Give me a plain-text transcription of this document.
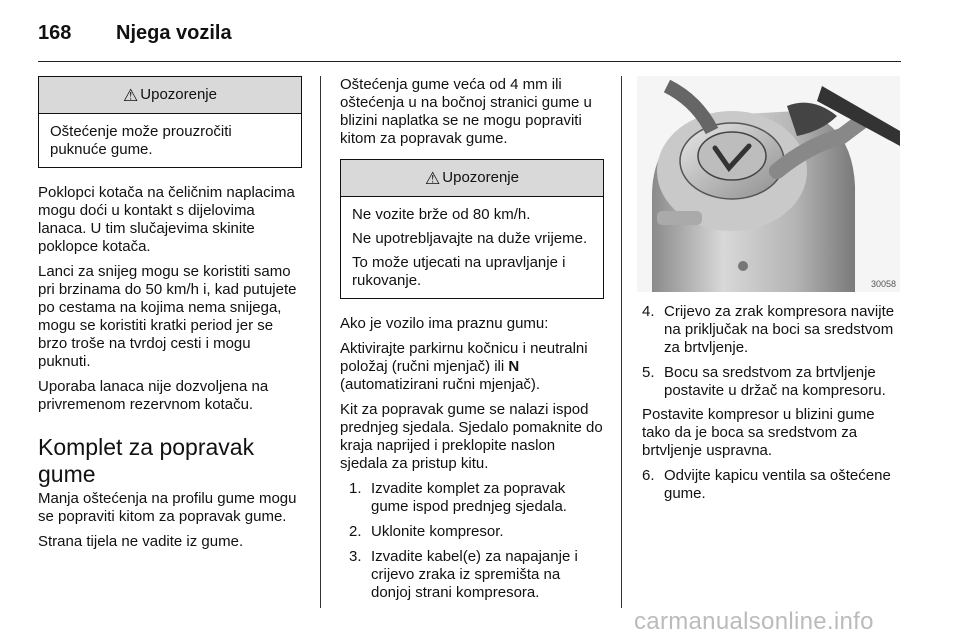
168	Njega vozila
⚠ Upozorenje
Oštećenje može prouzročiti
puknuće gume.

Poklopci kotača na čeličnim naplacima mogu doći u kontakt s dijelovima lanaca. U tim slučajevima skinite poklopce kotača.

Lanci za snijeg mogu se koristiti samo pri brzinama do 50 km/h i, kad putujete po cestama na kojima nema snijega, mogu se koristiti kratki period jer se brzo troše na tvrdoj cesti i mogu puknuti.

Uporaba lanaca nije dozvoljena na privremenom rezervnom kotaču.

Komplet za popravak gume

Manja oštećenja na profilu gume mogu se popraviti kitom za popravak gume.

Strana tijela ne vadite iz gume.

Oštećenja gume veća od 4 mm ili oštećenja u na bočnoj stranici gume u blizini naplatka se ne mogu popraviti kitom za popravak gume.

⚠ Upozorenje

Ne vozite brže od 80 km/h.

Ne upotrebljavajte na duže vrijeme.

To može utjecati na upravljanje i rukovanje.

Ako je vozilo ima praznu gumu:

Aktivirajte parkirnu kočnicu i neutralni položaj (ručni mjenjač) ili N (automatizirani ručni mjenjač).

Kit za popravak gume se nalazi ispod prednjeg sjedala. Sjedalo pomaknite do kraja naprijed i preklopite naslon sjedala za pristup kitu.

1. Izvadite komplet za popravak gume ispod prednjeg sjedala.
2. Uklonite kompresor.
3. Izvadite kabel(e) za napajanje i crijevo zraka iz spremišta na donjoj strani kompresora.
30058
4. Crijevo za zrak kompresora navijte na priključak na boci sa sredstvom za brtvljenje.
5. Bocu sa sredstvom za brtvljenje postavite u držač na kompresoru.

Postavite kompresor u blizini gume tako da je boca sa sredstvom za brtvljenje uspravna.

6. Odvijte kapicu ventila sa oštećene gume.
carmanualsonline.info
